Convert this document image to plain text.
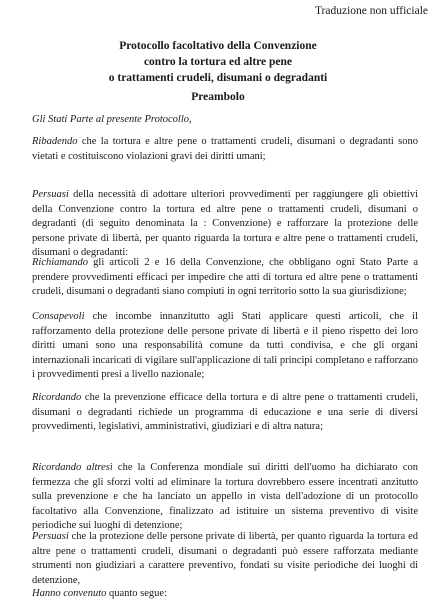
Traduzione non ufficiale
Protocollo facoltativo della Convenzione
contro la tortura ed altre pene
o trattamenti crudeli, disumani o degradanti
Preambolo

Gli Stati Parte al presente Protocollo,

Ribadendo che la tortura e altre pene o trattamenti crudeli, disumani o degradanti sono vietati e costituiscono violazioni gravi dei diritti umani;

Persuasi della necessità di adottare ulteriori provvedimenti per raggiungere gli obiettivi della Convenzione contro la tortura ed altre pene o trattamenti crudeli, disumani o degradanti (di seguito denominata la : Convenzione) e rafforzare la protezione delle persone private di libertà, per quanto riguarda la tortura e altre pene o trattamenti crudeli, disumani o degradanti:

Richiamando gli articoli 2 e 16 della Convenzione, che obbligano ogni Stato Parte a prendere provvedimenti efficaci per impedire che atti di tortura ed altre pene o trattamenti crudeli, disumani o degradanti siano compiuti in ogni territorio sotto la sua giurisdizione;

Consapevoli che incombe innanzitutto agli Stati applicare questi articoli, che il rafforzamento della protezione delle persone private di libertà e il pieno rispetto dei loro diritti umani sono una responsabilità comune da tutti condivisa, e che gli organi internazionali incaricati di vigilare sull'applicazione di tali principi completano e rafforzano i provvedimenti presi a livello nazionale;

Ricordando che la prevenzione efficace della tortura e di altre pene o trattamenti crudeli, disumani o degradanti richiede un programma di educazione e una serie di diversi provvedimenti, legislativi, amministrativi, giudiziari e di altra natura;

Ricordando altresì che la Conferenza mondiale sui diritti dell'uomo ha dichiarato con fermezza che gli sforzi volti ad eliminare la tortura dovrebbero essere incentrati anzitutto sulla prevenzione e che ha lanciato un appello in vista dell'adozione di un protocollo facoltativo alla Convenzione, finalizzato ad istituire un sistema preventivo di visite periodiche sui luoghi di detenzione;

Persuasi che la protezione delle persone private di libertà, per quanto riguarda la tortura ed altre pene o trattamenti crudeli, disumani o degradanti può essere rafforzata mediante strumenti non giudiziari a carattere preventivo, fondati su visite periodiche dei luoghi di detenzione,

Hanno convenuto quanto segue:
